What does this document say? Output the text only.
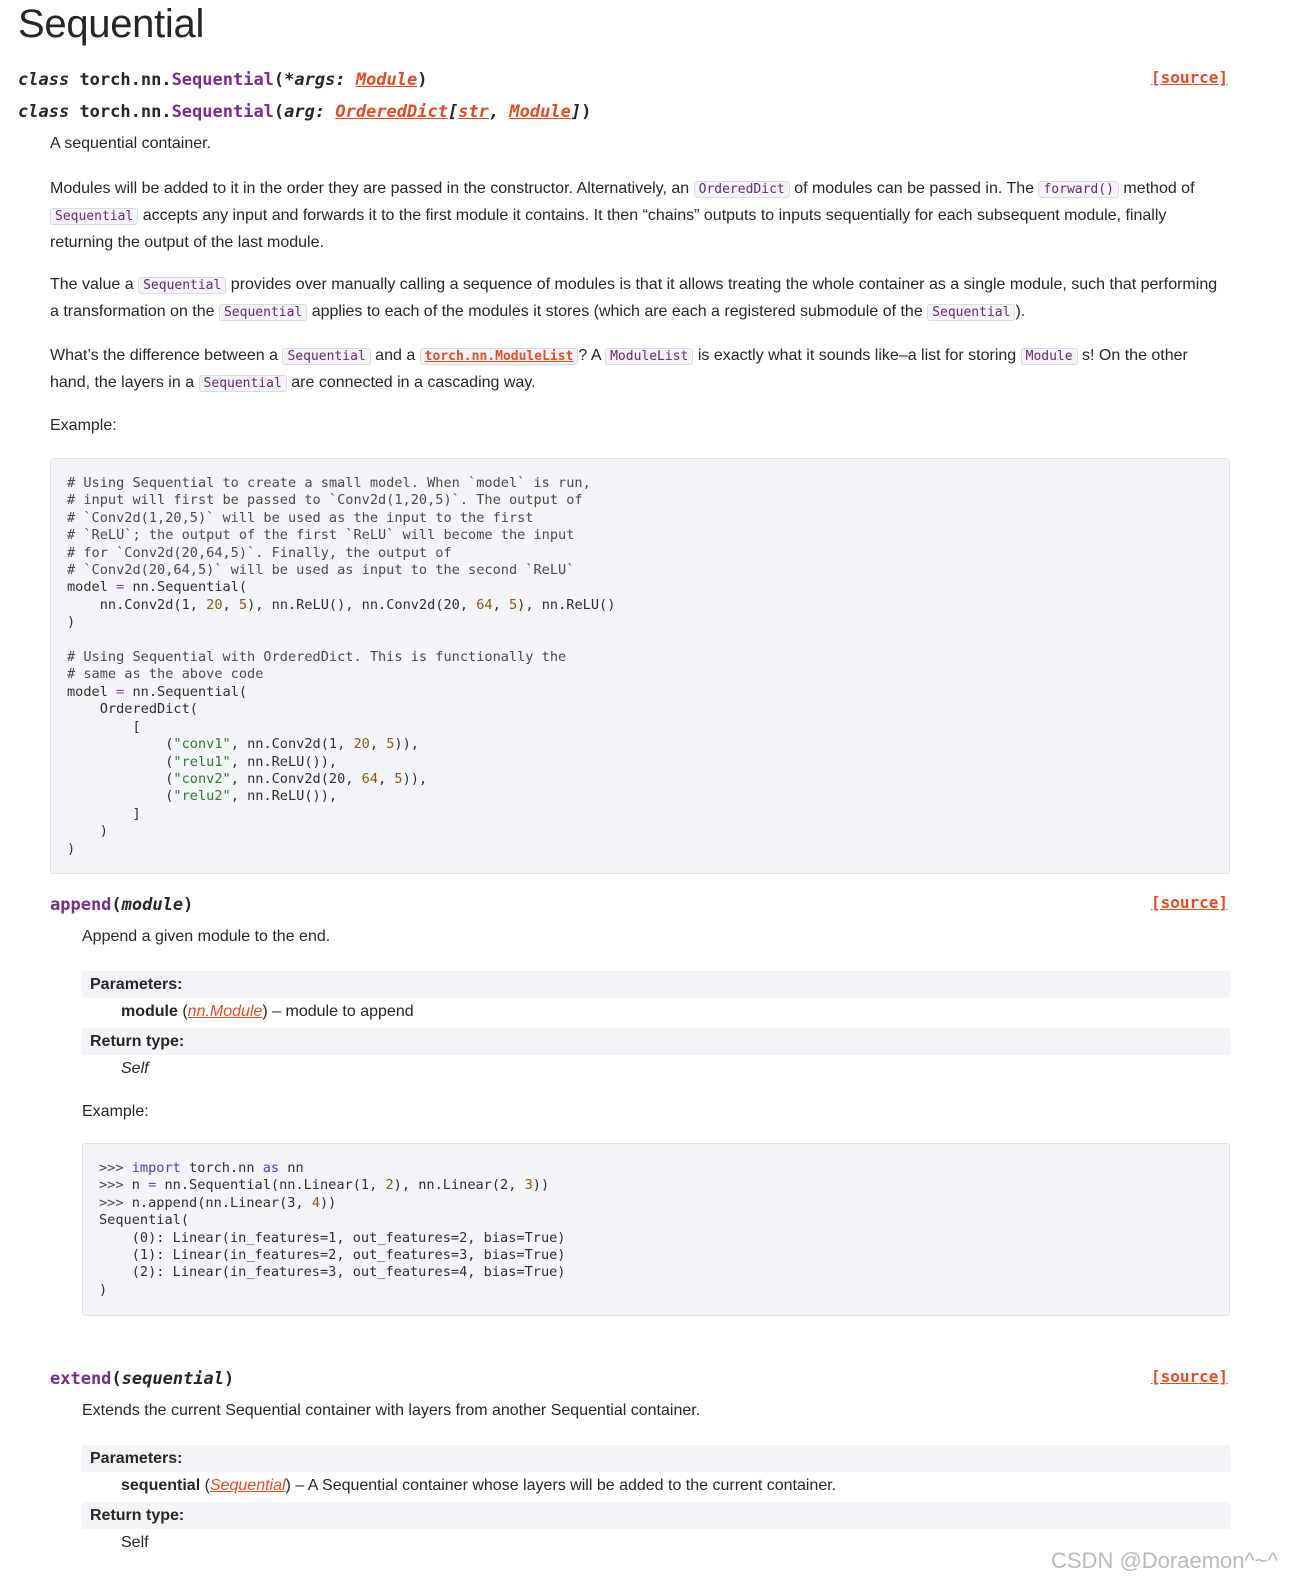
Sequential
class torch.nn.Sequential(*args: Module)	[source]
class torch.nn.Sequential(arg: OrderedDict[str, Module])

A sequential container.

Modules will be added to it in the order they are passed in the constructor. Alternatively, an OrderedDict of modules can be passed in. The forward() method of
Sequential accepts any input and forwards it to the first module it contains. It then “chains” outputs to inputs sequentially for each subsequent module, finally returning the output of the last module.

The value a Sequential provides over manually calling a sequence of modules is that it allows treating the whole container as a single module, such that performing a transformation on the Sequential applies to each of the modules it stores (which are each a registered submodule of the Sequential ).

What’s the difference between a Sequential and a torch.nn.ModuleList ? A ModuleList is exactly what it sounds like–a list for storing Module s! On the other hand, the layers in a Sequential are connected in a cascading way.

Example:

# Using Sequential to create a small model. When `model` is run,
# input will first be passed to `Conv2d(1,20,5)`. The output of
# `Conv2d(1,20,5)` will be used as the input to the first
# `ReLU`; the output of the first `ReLU` will become the input
# for `Conv2d(20,64,5)`. Finally, the output of
# `Conv2d(20,64,5)` will be used as input to the second `ReLU`
model = nn.Sequential(
nn.Conv2d(1, 20, 5), nn.ReLU(), nn.Conv2d(20, 64, 5), nn.ReLU()
)

# Using Sequential with OrderedDict. This is functionally the
# same as the above code
model = nn.Sequential(
OrderedDict(
[
("conv1", nn.Conv2d(1, 20, 5)),
("relu1", nn.ReLU()),
("conv2", nn.Conv2d(20, 64, 5)),
("relu2", nn.ReLU()),
]
)
)
append(module)	[source]

Append a given module to the end.

Parameters:
module (nn.Module) – module to append
Return type:
Self

Example:

>>> import torch.nn as nn
>>> n = nn.Sequential(nn.Linear(1, 2), nn.Linear(2, 3))
>>> n.append(nn.Linear(3, 4))
Sequential(
(0): Linear(in_features=1, out_features=2, bias=True)
(1): Linear(in_features=2, out_features=3, bias=True)
(2): Linear(in_features=3, out_features=4, bias=True)
)
extend(sequential)	[source]

Extends the current Sequential container with layers from another Sequential container.

Parameters:
sequential (Sequential) – A Sequential container whose layers will be added to the current container.
Return type:
Self
CSDN @Doraemon^~^
